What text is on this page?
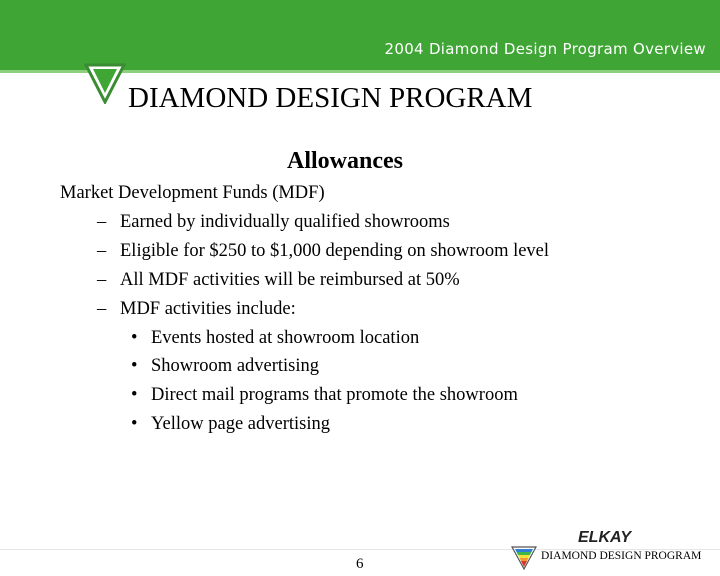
2004 Diamond Design Program Overview
DIAMOND DESIGN PROGRAM
Allowances
Market Development Funds (MDF)
– Earned by individually qualified showrooms
– Eligible for $250 to $1,000 depending on showroom level
– All MDF activities will be reimbursed at 50%
– MDF activities include:
• Events hosted at showroom location
• Showroom advertising
• Direct mail programs that promote the showroom
• Yellow page advertising
6
ELKAY
DIAMOND DESIGN PROGRAM
